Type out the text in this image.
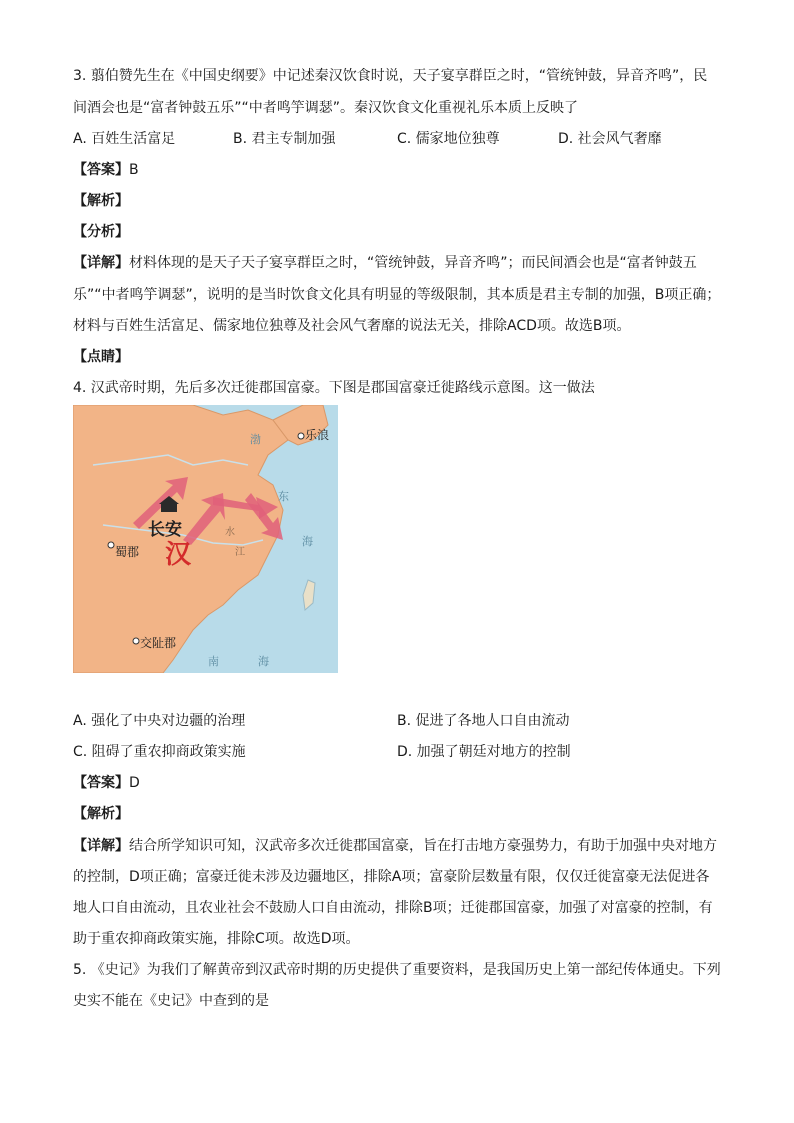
3. 翦伯赞先生在《中国史纲要》中记述秦汉饮食时说，天子宴享群臣之时，“管统钟鼓，异音齐鸣”，民
间酒会也是“富者钟鼓五乐”“中者鸣竽调瑟”。秦汉饮食文化重视礼乐本质上反映了
A. 百姓生活富足	B. 君主专制加强	C. 儒家地位独尊	D. 社会风气奢靡
【答案】B
【解析】
【分析】
【详解】材料体现的是天子天子宴享群臣之时，“管统钟鼓，异音齐鸣”；而民间酒会也是“富者钟鼓五
乐”“中者鸣竽调瑟”，说明的是当时饮食文化具有明显的等级限制，其本质是君主专制的加强，B项正确；
材料与百姓生活富足、儒家地位独尊及社会风气奢靡的说法无关，排除ACD项。故选B项。
【点睛】
4. 汉武帝时期，先后多次迁徙郡国富豪。下图是郡国富豪迁徙路线示意图。这一做法
长安
汉
蜀郡
交阯郡
乐浪
渤
东
海
南	海
水
江
A. 强化了中央对边疆的治理	B. 促进了各地人口自由流动
C. 阻碍了重农抑商政策实施	D. 加强了朝廷对地方的控制
【答案】D
【解析】
【详解】结合所学知识可知，汉武帝多次迁徙郡国富豪，旨在打击地方豪强势力，有助于加强中央对地方
的控制，D项正确；富豪迁徙未涉及边疆地区，排除A项；富豪阶层数量有限，仅仅迁徙富豪无法促进各
地人口自由流动，且农业社会不鼓励人口自由流动，排除B项；迁徙郡国富豪，加强了对富豪的控制，有
助于重农抑商政策实施，排除C项。故选D项。
5. 《史记》为我们了解黄帝到汉武帝时期的历史提供了重要资料，是我国历史上第一部纪传体通史。下列
史实不能在《史记》中查到的是
